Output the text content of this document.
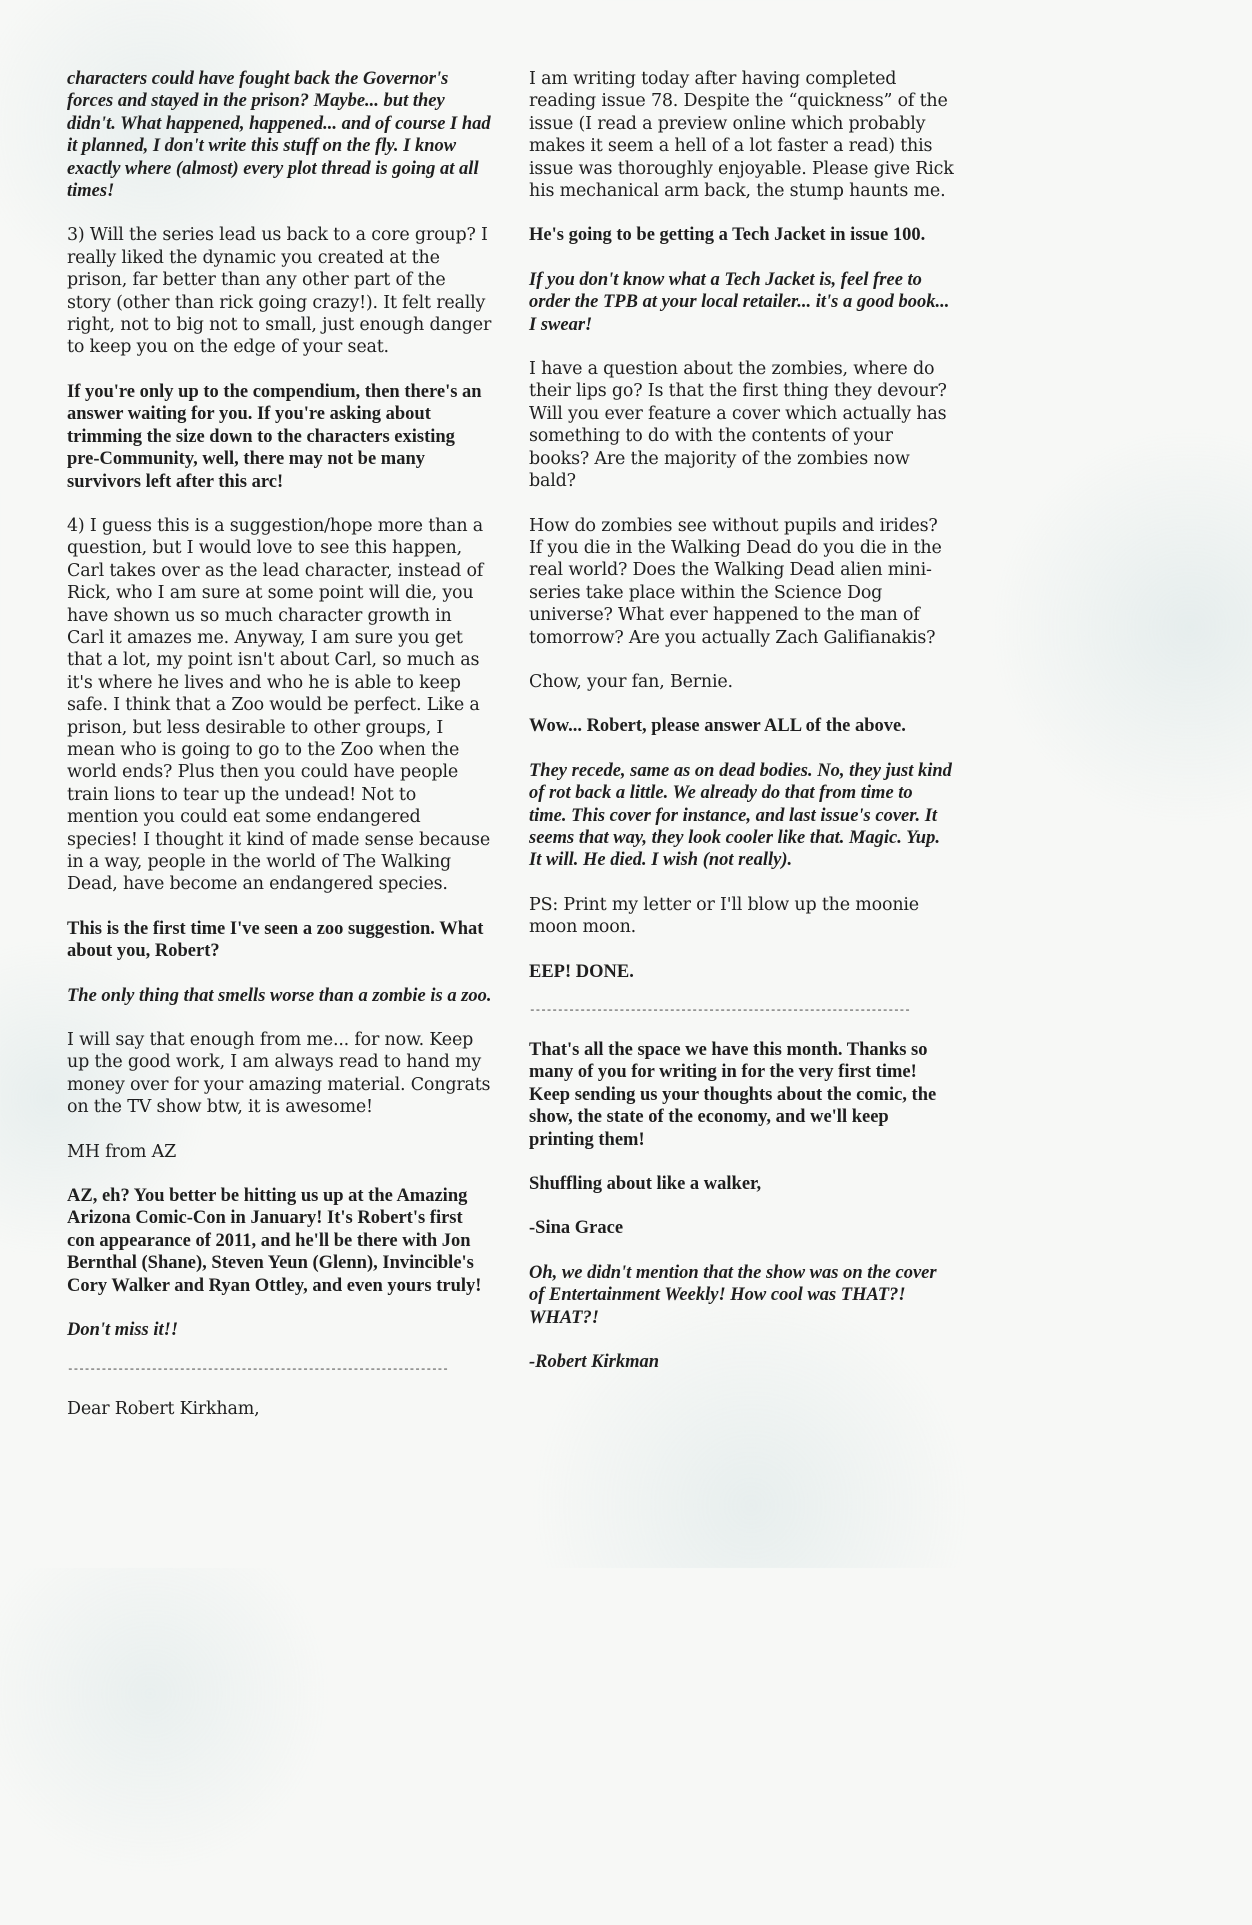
characters could have fought back the Governor's forces and stayed in the prison? Maybe... but they didn't. What happened, happened... and of course I had it planned, I don't write this stuff on the fly. I know exactly where (almost) every plot thread is going at all times!

3) Will the series lead us back to a core group? I really liked the dynamic you created at the prison, far better than any other part of the story (other than rick going crazy!). It felt really right, not to big not to small, just enough danger to keep you on the edge of your seat.

If you're only up to the compendium, then there's an answer waiting for you. If you're asking about trimming the size down to the characters existing pre-Community, well, there may not be many survivors left after this arc!

4) I guess this is a suggestion/hope more than a question, but I would love to see this happen, Carl takes over as the lead character, instead of Rick, who I am sure at some point will die, you have shown us so much character growth in Carl it amazes me. Anyway, I am sure you get that a lot, my point isn't about Carl, so much as it's where he lives and who he is able to keep safe. I think that a Zoo would be perfect. Like a prison, but less desirable to other groups, I mean who is going to go to the Zoo when the world ends? Plus then you could have people train lions to tear up the undead! Not to mention you could eat some endangered species! I thought it kind of made sense because in a way, people in the world of The Walking Dead, have become an endangered species.

This is the first time I've seen a zoo suggestion. What about you, Robert?

The only thing that smells worse than a zombie is a zoo.

I will say that enough from me... for now. Keep up the good work, I am always read to hand my money over for your amazing material. Congrats on the TV show btw, it is awesome!

MH from AZ

AZ, eh? You better be hitting us up at the Amazing Arizona Comic-Con in January! It's Robert's first con appearance of 2011, and he'll be there with Jon Bernthal (Shane), Steven Yeun (Glenn), Invincible's Cory Walker and Ryan Ottley, and even yours truly!

Don't miss it!!

--------------------------------------------------------------------

Dear Robert Kirkham,

I am writing today after having completed reading issue 78. Despite the “quickness” of the issue (I read a preview online which probably makes it seem a hell of a lot faster a read) this issue was thoroughly enjoyable. Please give Rick his mechanical arm back, the stump haunts me.

He's going to be getting a Tech Jacket in issue 100.

If you don't know what a Tech Jacket is, feel free to order the TPB at your local retailer... it's a good book... I swear!

I have a question about the zombies, where do their lips go? Is that the first thing they devour? Will you ever feature a cover which actually has something to do with the contents of your books? Are the majority of the zombies now bald?

How do zombies see without pupils and irides? If you die in the Walking Dead do you die in the real world? Does the Walking Dead alien mini-series take place within the Science Dog universe? What ever happened to the man of tomorrow? Are you actually Zach Galifianakis?

Chow, your fan, Bernie.

Wow... Robert, please answer ALL of the above.

They recede, same as on dead bodies. No, they just kind of rot back a little. We already do that from time to time. This cover for instance, and last issue's cover. It seems that way, they look cooler like that. Magic. Yup. It will. He died. I wish (not really).

PS: Print my letter or I'll blow up the moonie moon moon.

EEP! DONE.

--------------------------------------------------------------------

That's all the space we have this month. Thanks so many of you for writing in for the very first time! Keep sending us your thoughts about the comic, the show, the state of the economy, and we'll keep printing them!

Shuffling about like a walker,

-Sina Grace

Oh, we didn't mention that the show was on the cover of Entertainment Weekly! How cool was THAT?! WHAT?!

-Robert Kirkman
